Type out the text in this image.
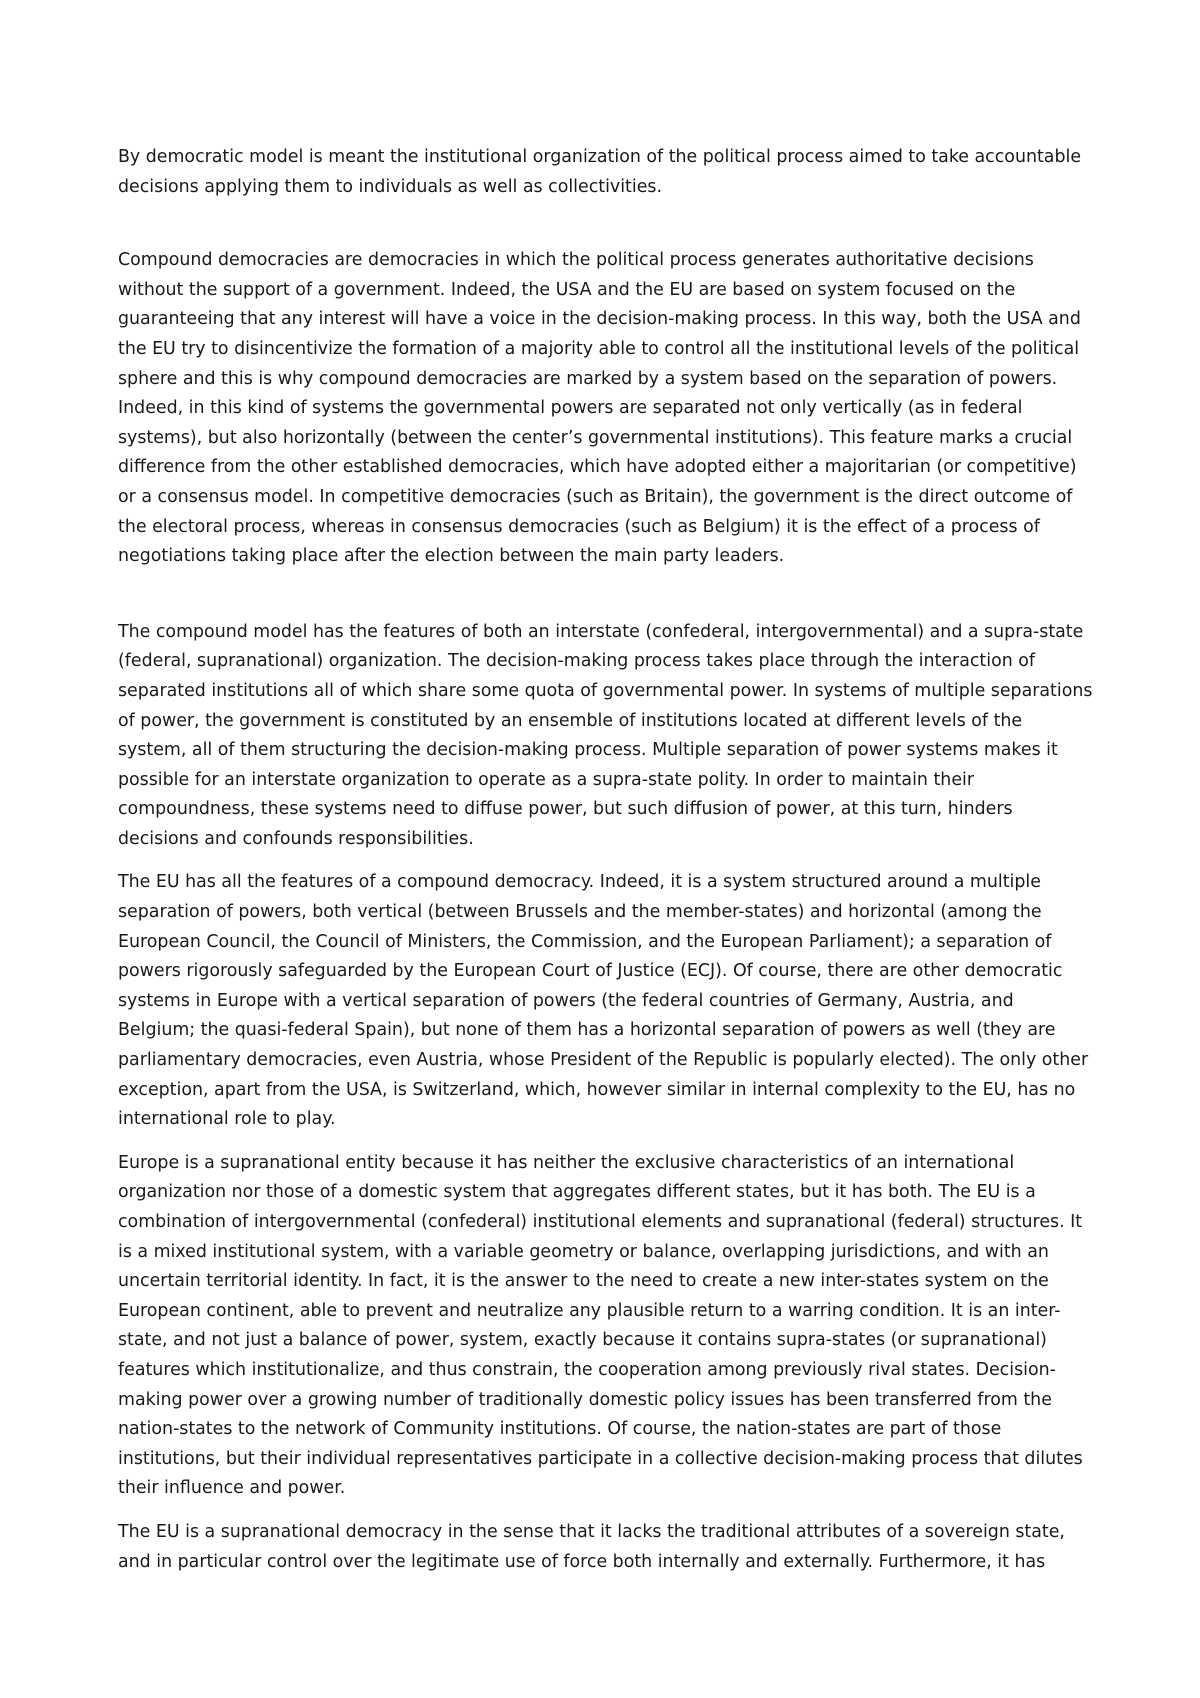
By democratic model is meant the institutional organization of the political process aimed to take accountable decisions applying them to individuals as well as collectivities.

Compound democracies are democracies in which the political process generates authoritative decisions without the support of a government. Indeed, the USA and the EU are based on system focused on the guaranteeing that any interest will have a voice in the decision-making process. In this way, both the USA and the EU try to disincentivize the formation of a majority able to control all the institutional levels of the political sphere and this is why compound democracies are marked by a system based on the separation of powers. Indeed, in this kind of systems the governmental powers are separated not only vertically (as in federal systems), but also horizontally (between the center’s governmental institutions). This feature marks a crucial difference from the other established democracies, which have adopted either a majoritarian (or competitive) or a consensus model. In competitive democracies (such as Britain), the government is the direct outcome of the electoral process, whereas in consensus democracies (such as Belgium) it is the effect of a process of negotiations taking place after the election between the main party leaders.

The compound model has the features of both an interstate (confederal, intergovernmental) and a supra-state (federal, supranational) organization. The decision-making process takes place through the interaction of separated institutions all of which share some quota of governmental power. In systems of multiple separations of power, the government is constituted by an ensemble of institutions located at different levels of the system, all of them structuring the decision-making process. Multiple separation of power systems makes it possible for an interstate organization to operate as a supra-state polity. In order to maintain their compoundness, these systems need to diffuse power, but such diffusion of power, at this turn, hinders decisions and confounds responsibilities.

The EU has all the features of a compound democracy. Indeed, it is a system structured around a multiple separation of powers, both vertical (between Brussels and the member-states) and horizontal (among the European Council, the Council of Ministers, the Commission, and the European Parliament); a separation of powers rigorously safeguarded by the European Court of Justice (ECJ). Of course, there are other democratic systems in Europe with a vertical separation of powers (the federal countries of Germany, Austria, and Belgium; the quasi-federal Spain), but none of them has a horizontal separation of powers as well (they are parliamentary democracies, even Austria, whose President of the Republic is popularly elected). The only other exception, apart from the USA, is Switzerland, which, however similar in internal complexity to the EU, has no international role to play.

Europe is a supranational entity because it has neither the exclusive characteristics of an international organization nor those of a domestic system that aggregates different states, but it has both. The EU is a combination of intergovernmental (confederal) institutional elements and supranational (federal) structures. It is a mixed institutional system, with a variable geometry or balance, overlapping jurisdictions, and with an uncertain territorial identity. In fact, it is the answer to the need to create a new inter-states system on the European continent, able to prevent and neutralize any plausible return to a warring condition. It is an inter-state, and not just a balance of power, system, exactly because it contains supra-states (or supranational) features which institutionalize, and thus constrain, the cooperation among previously rival states. Decision-making power over a growing number of traditionally domestic policy issues has been transferred from the nation-states to the network of Community institutions. Of course, the nation-states are part of those institutions, but their individual representatives participate in a collective decision-making process that dilutes their influence and power.

The EU is a supranational democracy in the sense that it lacks the traditional attributes of a sovereign state, and in particular control over the legitimate use of force both internally and externally. Furthermore, it has
